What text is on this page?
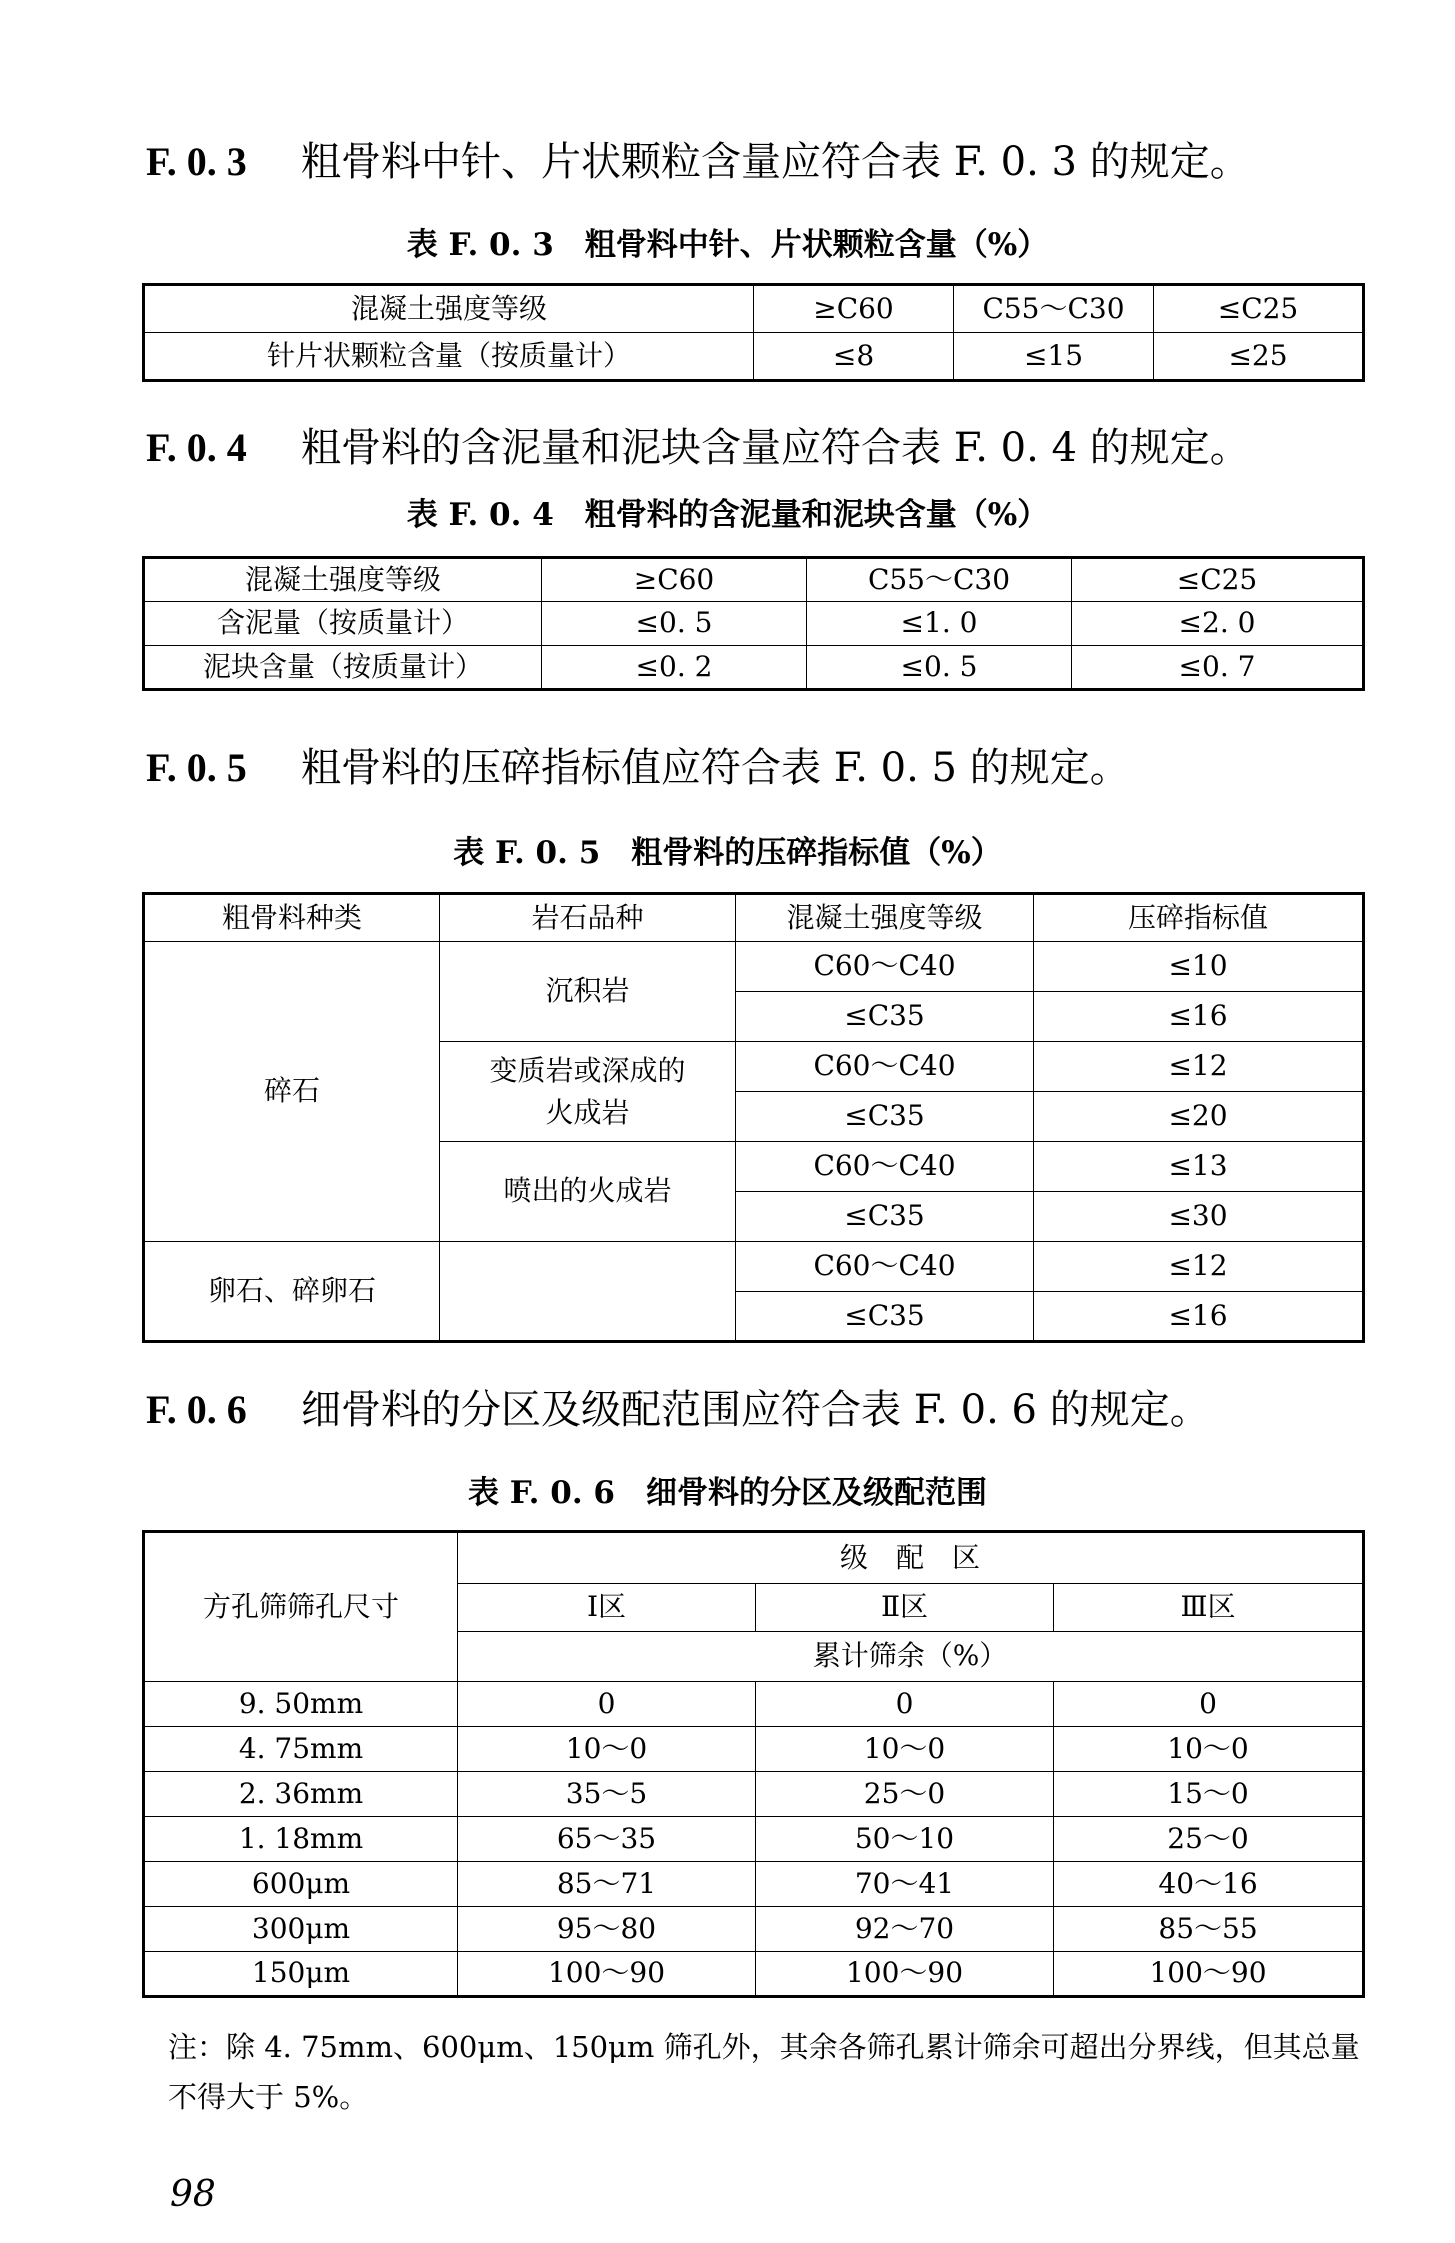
F. 0. 3 粗骨料中针、片状颗粒含量应符合表 F. 0. 3 的规定。
表 F. 0. 3　粗骨料中针、片状颗粒含量（%）
混凝土强度等级	≥C60	C55～C30	≤C25
针片状颗粒含量（按质量计）	≤8	≤15	≤25
F. 0. 4 粗骨料的含泥量和泥块含量应符合表 F. 0. 4 的规定。
表 F. 0. 4　粗骨料的含泥量和泥块含量（%）
混凝土强度等级	≥C60	C55～C30	≤C25
含泥量（按质量计）	≤0. 5	≤1. 0	≤2. 0
泥块含量（按质量计）	≤0. 2	≤0. 5	≤0. 7
F. 0. 5 粗骨料的压碎指标值应符合表 F. 0. 5 的规定。
表 F. 0. 5　粗骨料的压碎指标值（%）
粗骨料种类	岩石品种	混凝土强度等级	压碎指标值
碎石	沉积岩	C60～C40	≤10
		≤C35	≤16
	变质岩或深成的火成岩	C60～C40	≤12
		≤C35	≤20
	喷出的火成岩	C60～C40	≤13
		≤C35	≤30
卵石、碎卵石		C60～C40	≤12
		≤C35	≤16
F. 0. 6 细骨料的分区及级配范围应符合表 F. 0. 6 的规定。
表 F. 0. 6　细骨料的分区及级配范围
方孔筛筛孔尺寸	级　配　区		
	Ⅰ区	Ⅱ区	Ⅲ区
	累计筛余（%）		
9. 50mm	0	0	0
4. 75mm	10～0	10～0	10～0
2. 36mm	35～5	25～0	15～0
1. 18mm	65～35	50～10	25～0
600μm	85～71	70～41	40～16
300μm	95～80	92～70	85～55
150μm	100～90	100～90	100～90
注：除 4. 75mm、600μm、150μm 筛孔外，其余各筛孔累计筛余可超出分界线，但其总量不得大于 5%。
98
